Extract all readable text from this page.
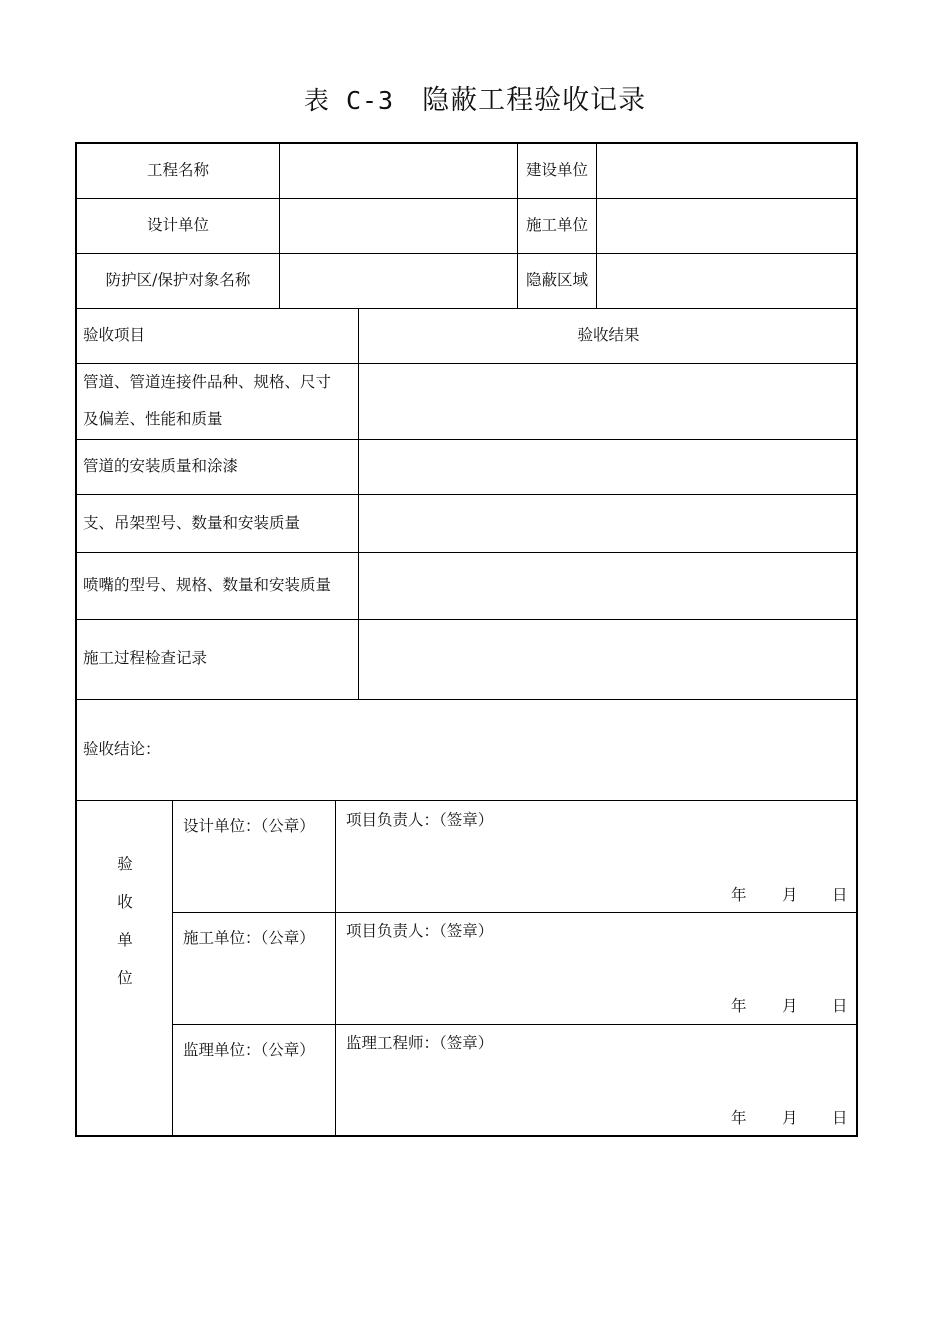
表 C-3 隐蔽工程验收记录
工程名称	建设单位
设计单位	施工单位
防护区/保护对象名称	隐蔽区域
验收项目	验收结果
管道、管道连接件品种、规格、尺寸
及偏差、性能和质量
管道的安装质量和涂漆
支、吊架型号、数量和安装质量
喷嘴的型号、规格、数量和安装质量
施工过程检查记录
验收结论：
验
收
单
位
设计单位：（公章） 项目负责人：（签章）
年 月 日
施工单位：（公章） 项目负责人：（签章）
年 月 日
监理单位：（公章） 监理工程师：（签章）
年 月 日
